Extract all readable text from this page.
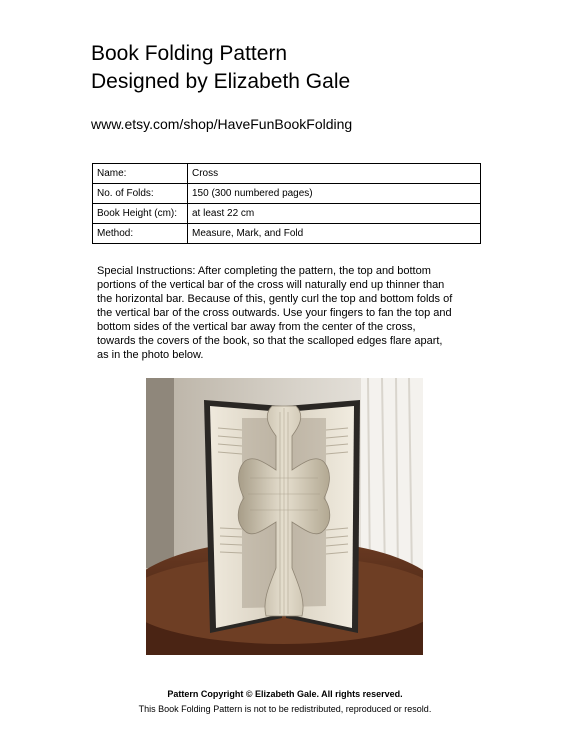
Book Folding Pattern
Designed by Elizabeth Gale
www.etsy.com/shop/HaveFunBookFolding
Name:	Cross
No. of Folds:	150 (300 numbered pages)
Book Height (cm):	at least 22 cm
Method:	Measure, Mark, and Fold

Special Instructions: After completing the pattern, the top and bottom
portions of the vertical bar of the cross will naturally end up thinner than
the horizontal bar. Because of this, gently curl the top and bottom folds of
the vertical bar of the cross outwards. Use your fingers to fan the top and
bottom sides of the vertical bar away from the center of the cross,
towards the covers of the book, so that the scalloped edges flare apart,
as in the photo below.

Pattern Copyright © Elizabeth Gale. All rights reserved.
This Book Folding Pattern is not to be redistributed, reproduced or resold.
